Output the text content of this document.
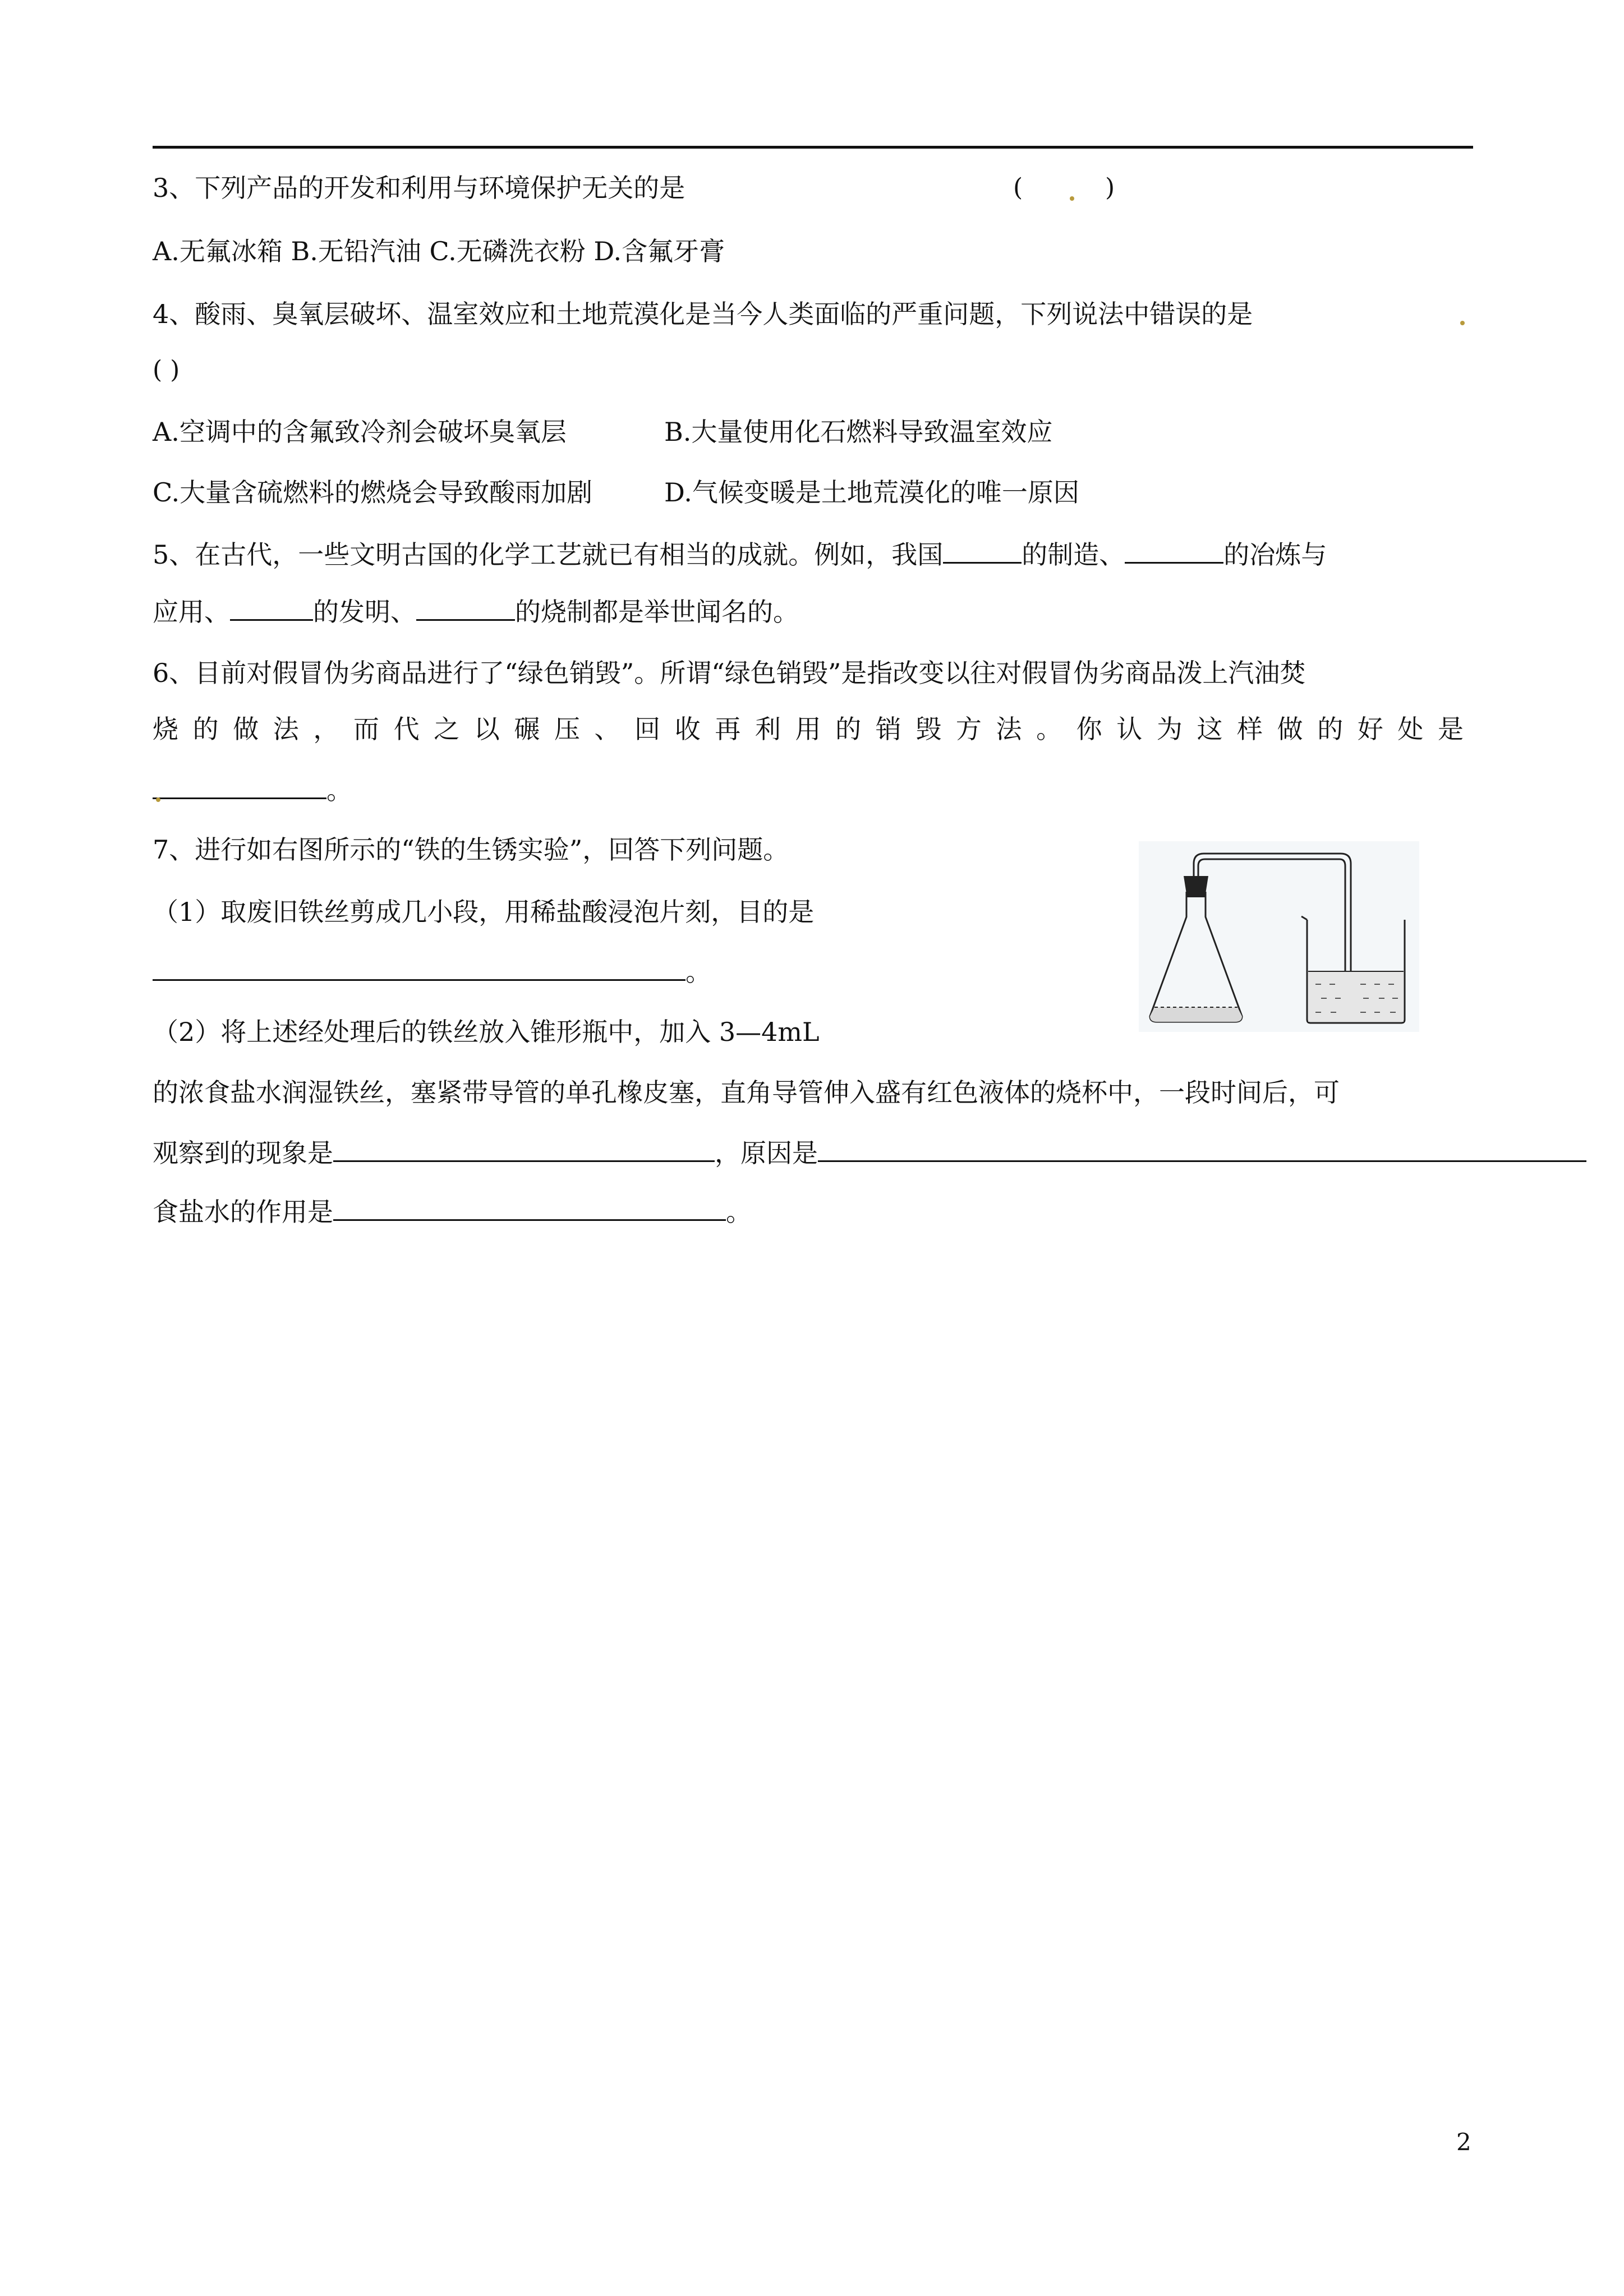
3、下列产品的开发和利用与环境保护无关的是	(	)
A.无氟冰箱 B.无铅汽油 C.无磷洗衣粉 D.含氟牙膏
4、酸雨、臭氧层破坏、温室效应和土地荒漠化是当今人类面临的严重问题，下列说法中错误的是
( )
A.空调中的含氟致冷剂会破坏臭氧层	B.大量使用化石燃料导致温室效应
C.大量含硫燃料的燃烧会导致酸雨加剧	D.气候变暖是土地荒漠化的唯一原因
5、在古代，一些文明古国的化学工艺就已有相当的成就。例如，我国	的制造、	的冶炼与
应用、	的发明、	的烧制都是举世闻名的。
6、目前对假冒伪劣商品进行了“绿色销毁”。所谓“绿色销毁”是指改变以往对假冒伪劣商品泼上汽油焚
烧的做法，而代之以碾压、回收再利用的销毁方法。你认为这样做的好处是
。
7、进行如右图所示的“铁的生锈实验”，回答下列问题。
（1）取废旧铁丝剪成几小段，用稀盐酸浸泡片刻，目的是
。
（2）将上述经处理后的铁丝放入锥形瓶中，加入 3—4mL
的浓食盐水润湿铁丝，塞紧带导管的单孔橡皮塞，直角导管伸入盛有红色液体的烧杯中，一段时间后，可
观察到的现象是	，原因是
食盐水的作用是	。
2
